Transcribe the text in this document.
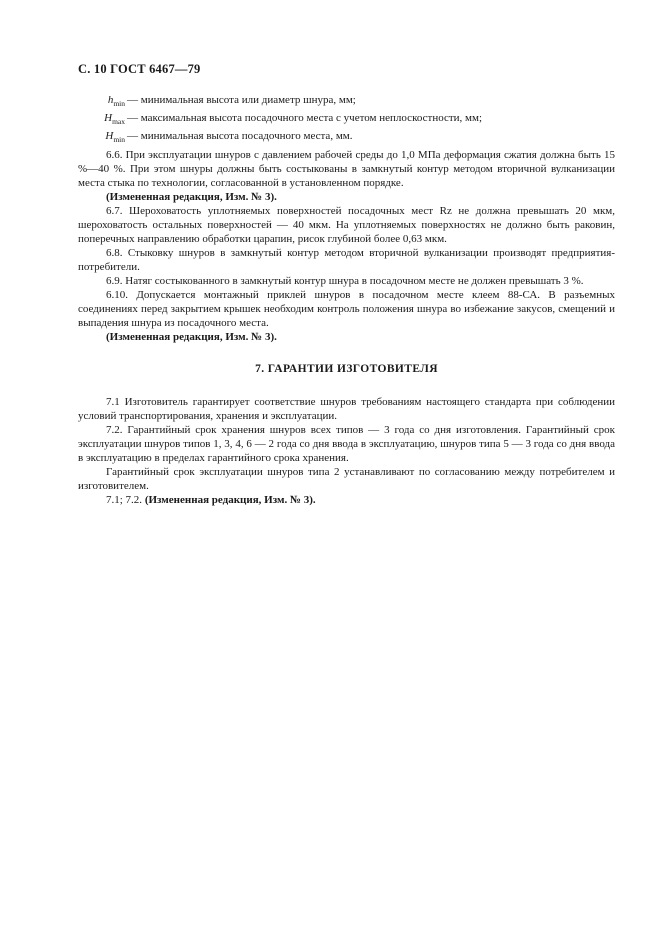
С. 10 ГОСТ 6467—79
$h_{min}$ — минимальная высота или диаметр шнура, мм;
$H_{max}$ — максимальная высота посадочного места с учетом неплоскостности, мм;
$H_{min}$ — минимальная высота посадочного места, мм.

6.6. При эксплуатации шнуров с давлением рабочей среды до 1,0 МПа деформация сжатия должна быть 15 %—40 %. При этом шнуры должны быть состыкованы в замкнутый контур методом вторичной вулканизации места стыка по технологии, согласованной в установленном порядке.

(Измененная редакция, Изм. № 3).

6.7. Шероховатость уплотняемых поверхностей посадочных мест Rz не должна превышать 20 мкм, шероховатость остальных поверхностей — 40 мкм. На уплотняемых поверхностях не должно быть раковин, поперечных направлению обработки царапин, рисок глубиной более 0,63 мкм.

6.8. Стыковку шнуров в замкнутый контур методом вторичной вулканизации производят предприятия-потребители.

6.9. Натяг состыкованного в замкнутый контур шнура в посадочном месте не должен превышать 3 %.

6.10. Допускается монтажный приклей шнуров в посадочном месте клеем 88-СА. В разъемных соединениях перед закрытием крышек необходим контроль положения шнура во избежание закусов, смещений и выпадения шнура из посадочного места.

(Измененная редакция, Изм. № 3).

7. ГАРАНТИИ ИЗГОТОВИТЕЛЯ

7.1 Изготовитель гарантирует соответствие шнуров требованиям настоящего стандарта при соблюдении условий транспортирования, хранения и эксплуатации.

7.2. Гарантийный срок хранения шнуров всех типов — 3 года со дня изготовления. Гарантийный срок эксплуатации шнуров типов 1, 3, 4, 6 — 2 года со дня ввода в эксплуатацию, шнуров типа 5 — 3 года со дня ввода в эксплуатацию в пределах гарантийного срока хранения.

Гарантийный срок эксплуатации шнуров типа 2 устанавливают по согласованию между потребителем и изготовителем.

7.1; 7.2. (Измененная редакция, Изм. № 3).
